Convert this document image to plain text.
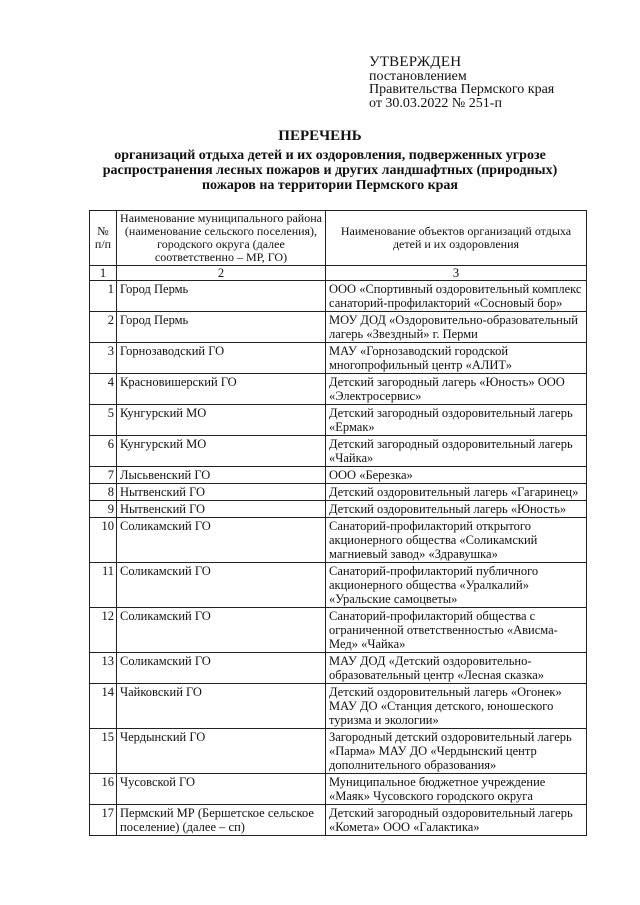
УТВЕРЖДЕН
постановлением
Правительства Пермского края
от 30.03.2022 № 251-п
ПЕРЕЧЕНЬ
организаций отдыха детей и их оздоровления, подверженных угрозе распространения лесных пожаров и других ландшафтных (природных) пожаров на территории Пермского края
№ п/п	Наименование муниципального района (наименование сельского поселения), городского округа (далее соответственно – МР, ГО)	Наименование объектов организаций отдыха детей и их оздоровления
1	2	3
1	Город Пермь	ООО «Спортивный оздоровительный комплекс санаторий-профилакторий «Сосновый бор»
2	Город Пермь	МОУ ДОД «Оздоровительно-образовательный лагерь «Звездный» г. Перми
3	Горнозаводский ГО	МАУ «Горнозаводский городской многопрофильный центр «АЛИТ»
4	Красновишерский ГО	Детский загородный лагерь «Юность» ООО «Электросервис»
5	Кунгурский МО	Детский загородный оздоровительный лагерь «Ермак»
6	Кунгурский МО	Детский загородный оздоровительный лагерь «Чайка»
7	Лысьвенский ГО	ООО «Березка»
8	Нытвенский ГО	Детский оздоровительный лагерь «Гагаринец»
9	Нытвенский ГО	Детский оздоровительный лагерь «Юность»
10	Соликамский ГО	Санаторий-профилакторий открытого акционерного общества «Соликамский магниевый завод» «Здравушка»
11	Соликамский ГО	Санаторий-профилакторий публичного акционерного общества «Уралкалий» «Уральские самоцветы»
12	Соликамский ГО	Санаторий-профилакторий общества с ограниченной ответственностью «Ависма-Мед» «Чайка»
13	Соликамский ГО	МАУ ДОД «Детский оздоровительно-образовательный центр «Лесная сказка»
14	Чайковский ГО	Детский оздоровительный лагерь «Огонек» МАУ ДО «Станция детского, юношеского туризма и экологии»
15	Чердынский ГО	Загородный детский оздоровительный лагерь «Парма» МАУ ДО «Чердынский центр дополнительного образования»
16	Чусовской ГО	Муниципальное бюджетное учреждение «Маяк» Чусовского городского округа
17	Пермский МР (Бершетское сельское поселение) (далее – сп)	Детский загородный оздоровительный лагерь «Комета» ООО «Галактика»
